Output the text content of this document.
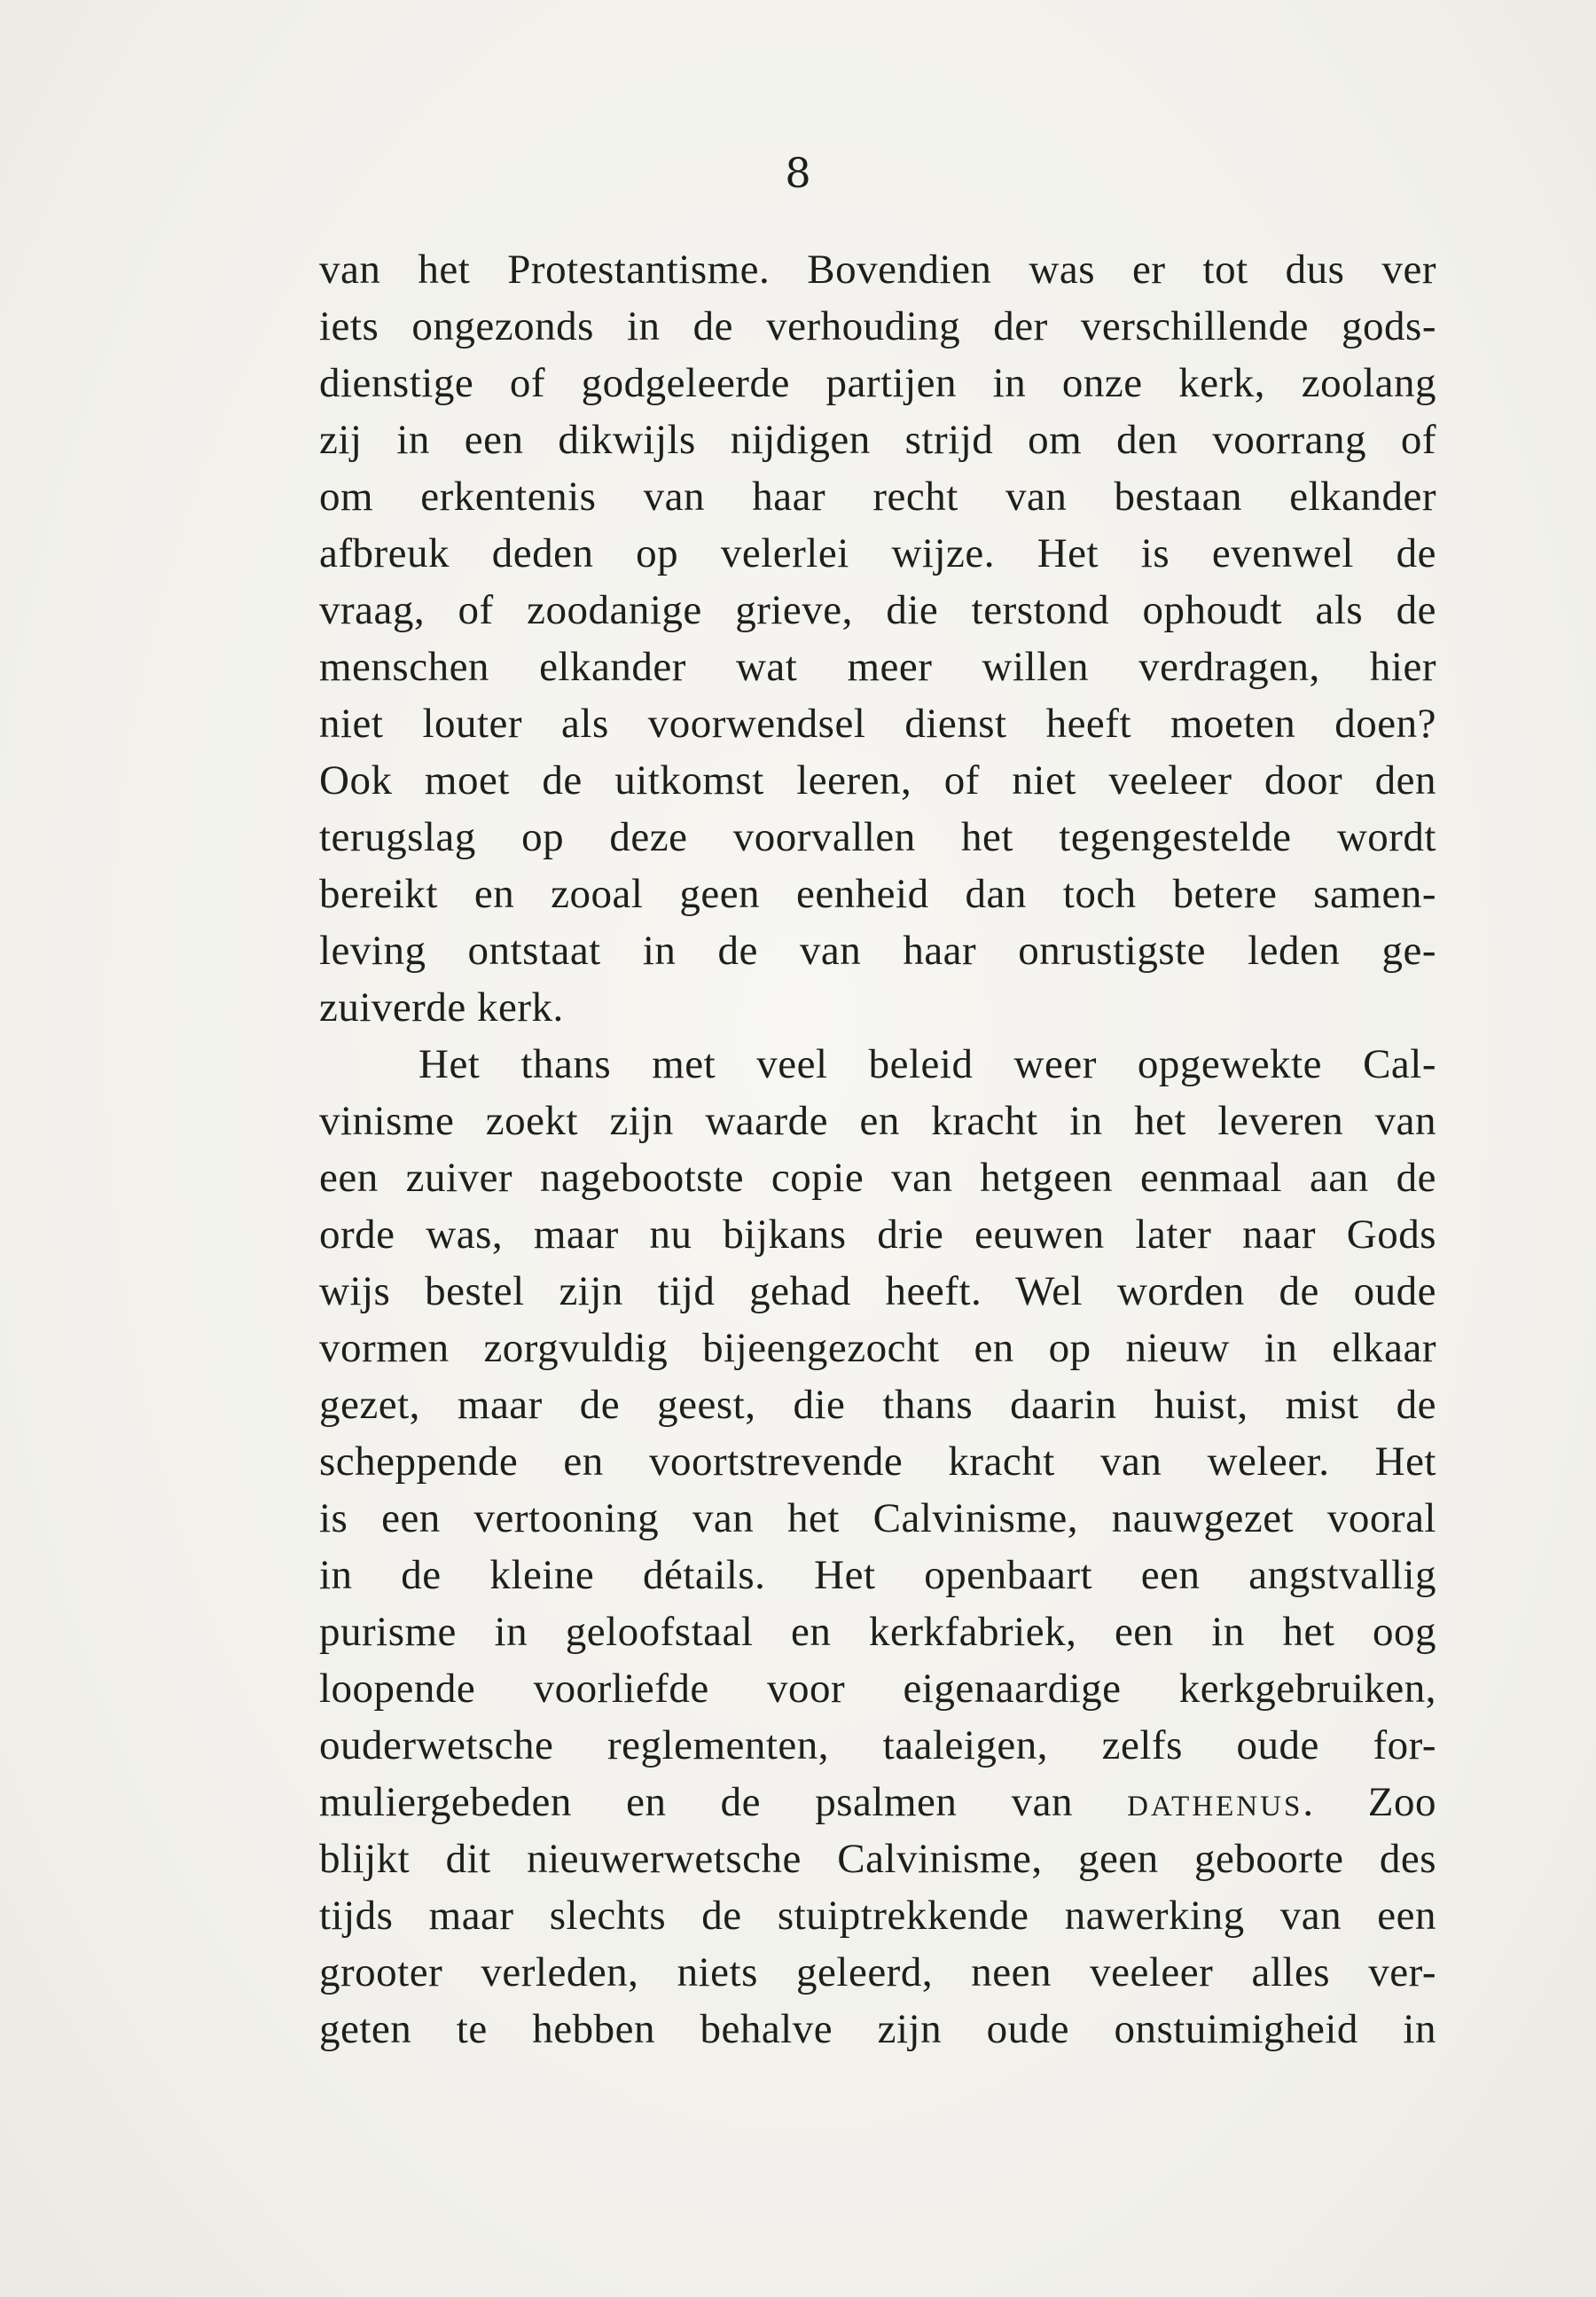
8
van het Protestantisme. Bovendien was er tot dus ver
iets ongezonds in de verhouding der verschillende gods-
dienstige of godgeleerde partijen in onze kerk, zoolang
zij in een dikwijls nijdigen strijd om den voorrang of
om erkentenis van haar recht van bestaan elkander
afbreuk deden op velerlei wijze. Het is evenwel de
vraag, of zoodanige grieve, die terstond ophoudt als de
menschen elkander wat meer willen verdragen, hier
niet louter als voorwendsel dienst heeft moeten doen?
Ook moet de uitkomst leeren, of niet veeleer door den
terugslag op deze voorvallen het tegengestelde wordt
bereikt en zooal geen eenheid dan toch betere samen-
leving ontstaat in de van haar onrustigste leden ge-
zuiverde kerk.
Het thans met veel beleid weer opgewekte Cal-
vinisme zoekt zijn waarde en kracht in het leveren van
een zuiver nagebootste copie van hetgeen eenmaal aan de
orde was, maar nu bijkans drie eeuwen later naar Gods
wijs bestel zijn tijd gehad heeft. Wel worden de oude
vormen zorgvuldig bijeengezocht en op nieuw in elkaar
gezet, maar de geest, die thans daarin huist, mist de
scheppende en voortstrevende kracht van weleer. Het
is een vertooning van het Calvinisme, nauwgezet vooral
in de kleine détails. Het openbaart een angstvallig
purisme in geloofstaal en kerkfabriek, een in het oog
loopende voorliefde voor eigenaardige kerkgebruiken,
ouderwetsche reglementen, taaleigen, zelfs oude for-
muliergebeden en de psalmen van dathenus. Zoo
blijkt dit nieuwerwetsche Calvinisme, geen geboorte des
tijds maar slechts de stuiptrekkende nawerking van een
grooter verleden, niets geleerd, neen veeleer alles ver-
geten te hebben behalve zijn oude onstuimigheid in
